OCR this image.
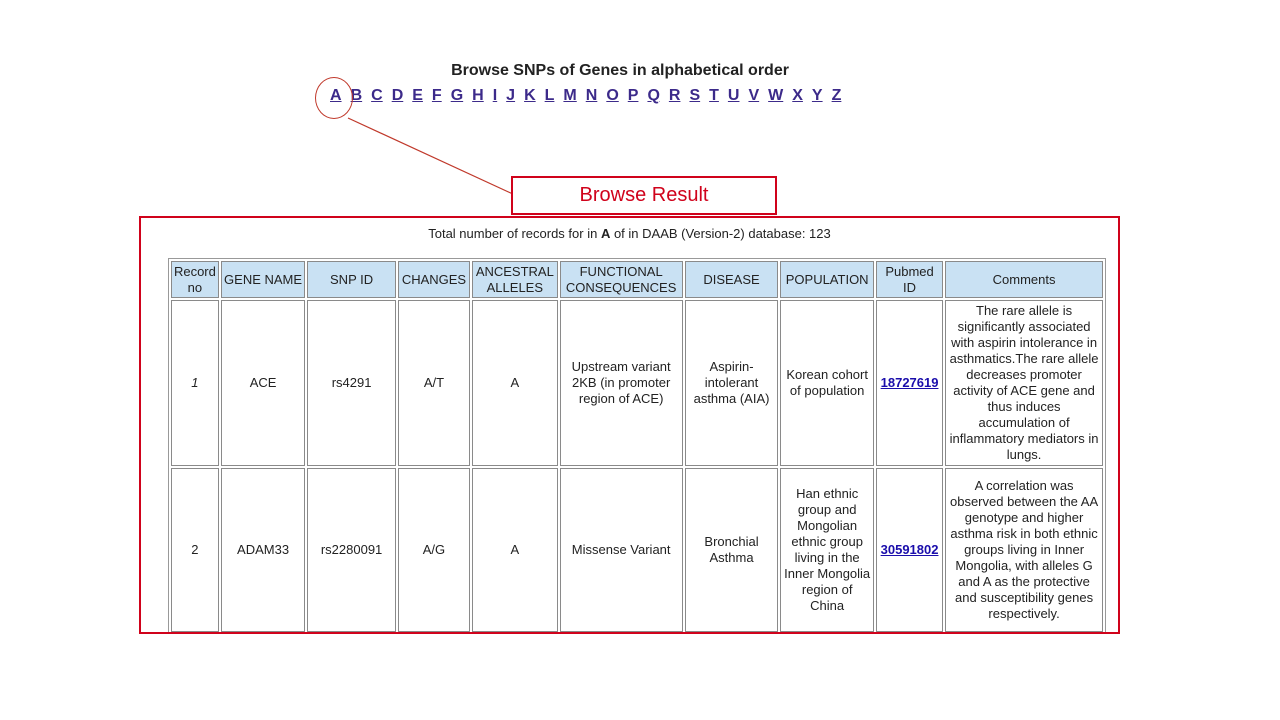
Browse SNPs of Genes in alphabetical order
A B C D E F G H I J K L M N O P Q R S T U V W X Y Z
Browse Result
Total number of records for in A of in DAAB (Version-2) database: 123
Record no	GENE NAME	SNP ID	CHANGES	ANCESTRAL ALLELES	FUNCTIONAL CONSEQUENCES	DISEASE	POPULATION	Pubmed ID	Comments
1	ACE	rs4291	A/T	A	Upstream variant 2KB (in promoter region of ACE)	Aspirin-intolerant asthma (AIA)	Korean cohort of population	18727619	The rare allele is significantly associated with aspirin intolerance in asthmatics.The rare allele decreases promoter activity of ACE gene and thus induces accumulation of inflammatory mediators in lungs.
2	ADAM33	rs2280091	A/G	A	Missense Variant	Bronchial Asthma	Han ethnic group and Mongolian ethnic group living in the Inner Mongolia region of China	30591802	A correlation was observed between the AA genotype and higher asthma risk in both ethnic groups living in Inner Mongolia, with alleles G and A as the protective and susceptibility genes respectively.
